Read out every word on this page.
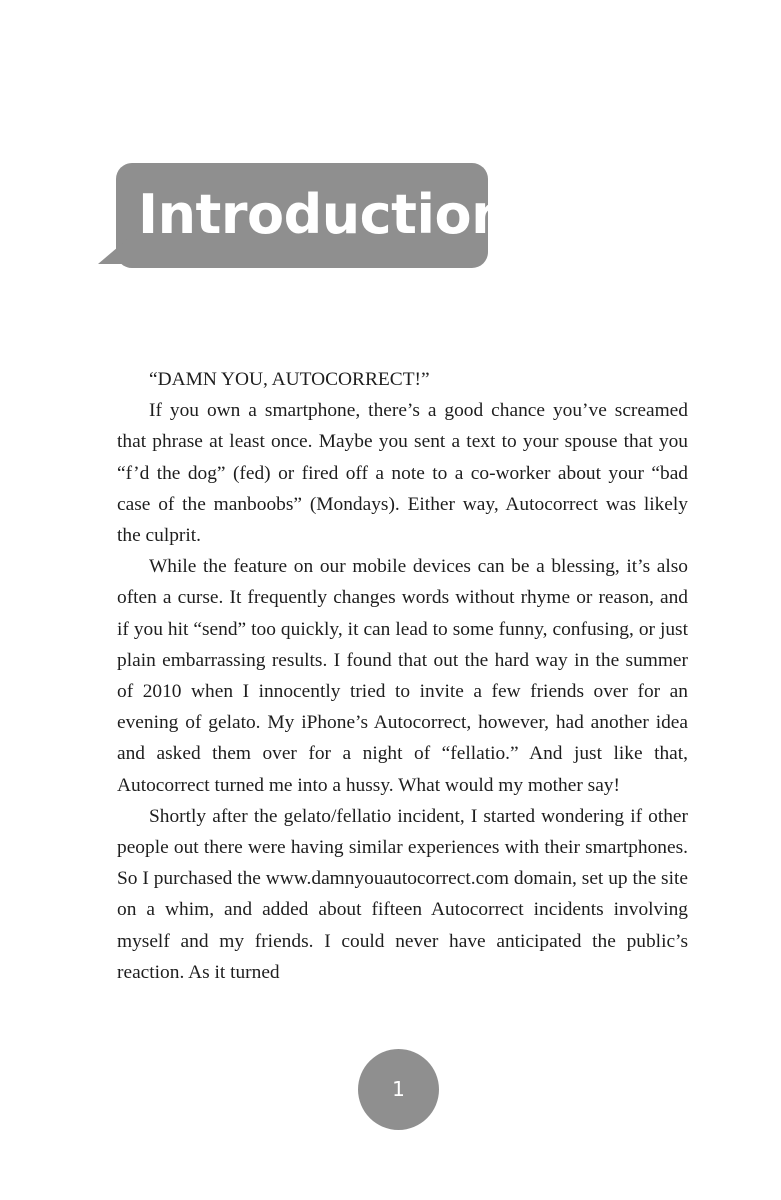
Introduction

“DAMN YOU, AUTOCORRECT!”

If you own a smartphone, there’s a good chance you’ve screamed that phrase at least once. Maybe you sent a text to your spouse that you “f’d the dog” (fed) or fired off a note to a co-worker about your “bad case of the manboobs” (Mondays). Either way, Autocorrect was likely the culprit.

While the feature on our mobile devices can be a blessing, it’s also often a curse. It frequently changes words without rhyme or reason, and if you hit “send” too quickly, it can lead to some funny, confusing, or just plain embarrassing results. I found that out the hard way in the summer of 2010 when I innocently tried to invite a few friends over for an evening of gelato. My iPhone’s Autocorrect, however, had another idea and asked them over for a night of “fellatio.” And just like that, Autocorrect turned me into a hussy. What would my mother say!

Shortly after the gelato/fellatio incident, I started wondering if other people out there were having similar experiences with their smartphones. So I purchased the www.damnyouautocorrect.com domain, set up the site on a whim, and added about fifteen Autocorrect incidents involving myself and my friends. I could never have anticipated the public’s reaction. As it turned

1
